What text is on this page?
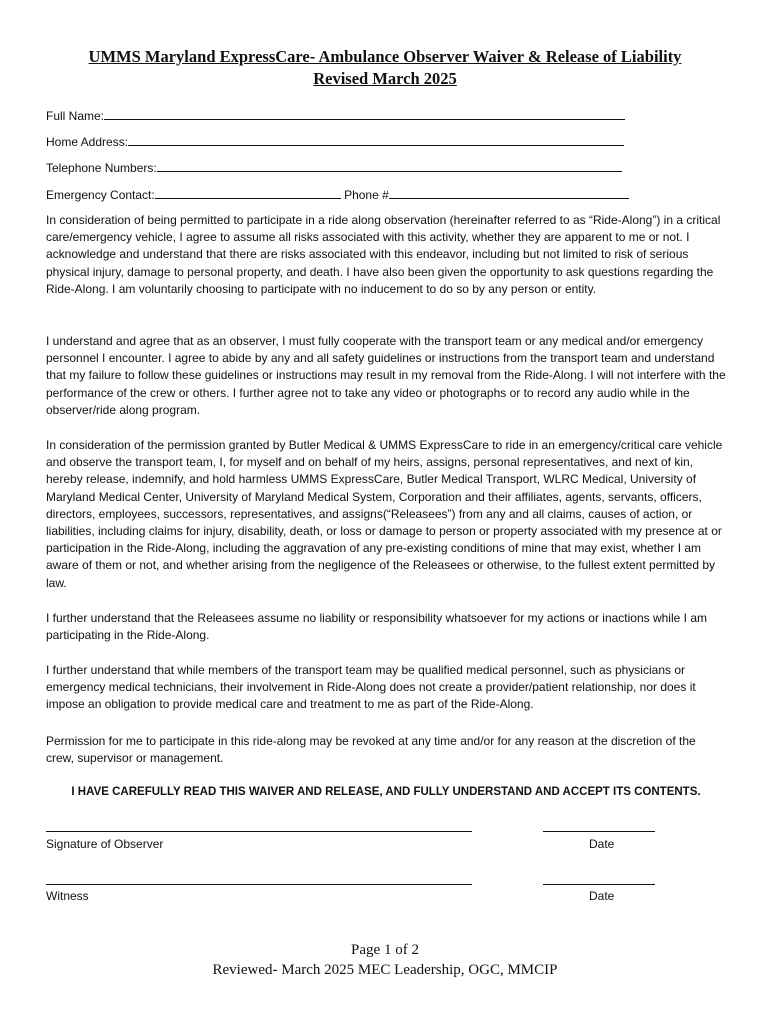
UMMS Maryland ExpressCare- Ambulance Observer Waiver & Release of Liability
Revised March 2025
Full Name:
Home Address:
Telephone Numbers:
Emergency Contact:	Phone #

In consideration of being permitted to participate in a ride along observation (hereinafter referred to as “Ride-Along”) in a critical care/emergency vehicle, I agree to assume all risks associated with this activity, whether they are apparent to me or not. I acknowledge and understand that there are risks associated with this endeavor, including but not limited to risk of serious physical injury, damage to personal property, and death. I have also been given the opportunity to ask questions regarding the Ride-Along. I am voluntarily choosing to participate with no inducement to do so by any person or entity.

I understand and agree that as an observer, I must fully cooperate with the transport team or any medical and/or emergency personnel I encounter. I agree to abide by any and all safety guidelines or instructions from the transport team and understand that my failure to follow these guidelines or instructions may result in my removal from the Ride-Along. I will not interfere with the performance of the crew or others. I further agree not to take any video or photographs or to record any audio while in the observer/ride along program.

In consideration of the permission granted by Butler Medical & UMMS ExpressCare to ride in an emergency/critical care vehicle and observe the transport team, I, for myself and on behalf of my heirs, assigns, personal representatives, and next of kin, hereby release, indemnify, and hold harmless UMMS ExpressCare, Butler Medical Transport, WLRC Medical, University of Maryland Medical Center, University of Maryland Medical System, Corporation and their affiliates, agents, servants, officers, directors, employees, successors, representatives, and assigns(“Releasees”) from any and all claims, causes of action, or liabilities, including claims for injury, disability, death, or loss or damage to person or property associated with my presence at or participation in the Ride-Along, including the aggravation of any pre-existing conditions of mine that may exist, whether I am aware of them or not, and whether arising from the negligence of the Releasees or otherwise, to the fullest extent permitted by law.

I further understand that the Releasees assume no liability or responsibility whatsoever for my actions or inactions while I am participating in the Ride-Along.

I further understand that while members of the transport team may be qualified medical personnel, such as physicians or emergency medical technicians, their involvement in Ride-Along does not create a provider/patient relationship, nor does it impose an obligation to provide medical care and treatment to me as part of the Ride-Along.

Permission for me to participate in this ride-along may be revoked at any time and/or for any reason at the discretion of the crew, supervisor or management.

I HAVE CAREFULLY READ THIS WAIVER AND RELEASE, AND FULLY UNDERSTAND AND ACCEPT ITS CONTENTS.
Signature of Observer	Date
Witness	Date
Page 1 of 2
Reviewed- March 2025 MEC Leadership, OGC, MMCIP
